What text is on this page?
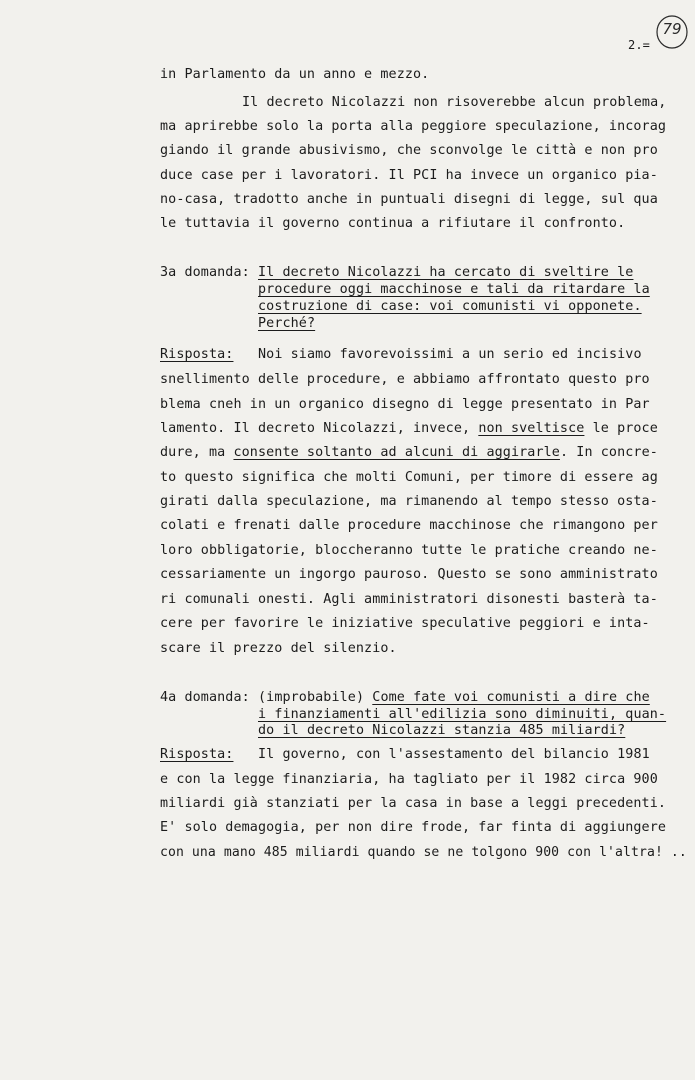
2.=
79
in Parlamento da un anno e mezzo.
Il decreto Nicolazzi non risoverebbe alcun problema,
ma aprirebbe solo la porta alla peggiore speculazione, incorag
giando il grande abusivismo, che sconvolge le città e non pro
duce case per i lavoratori. Il PCI ha invece un organico pia-
no-casa, tradotto anche in puntuali disegni di legge, sul qua
le tuttavia il governo continua a rifiutare il confronto.
3a domanda: Il decreto Nicolazzi ha cercato di sveltire le
procedure oggi macchinose e tali da ritardare la
costruzione di case: voi comunisti vi opponete.
Perché?
Risposta: Noi siamo favorevoissimi a un serio ed incisivo
snellimento delle procedure, e abbiamo affrontato questo pro
blema cneh in un organico disegno di legge presentato in Par
lamento. Il decreto Nicolazzi, invece, non sveltisce le proce
dure, ma consente soltanto ad alcuni di aggirarle. In concre-
to questo significa che molti Comuni, per timore di essere ag
girati dalla speculazione, ma rimanendo al tempo stesso osta-
colati e frenati dalle procedure macchinose che rimangono per
loro obbligatorie, bloccheranno tutte le pratiche creando ne-
cessariamente un ingorgo pauroso. Questo se sono amministrato
ri comunali onesti. Agli amministratori disonesti basterà ta-
cere per favorire le iniziative speculative peggiori e inta-
scare il prezzo del silenzio.
4a domanda: (improbabile) Come fate voi comunisti a dire che
i finanziamenti all'edilizia sono diminuiti, quan-
do il decreto Nicolazzi stanzia 485 miliardi?
Risposta: Il governo, con l'assestamento del bilancio 1981
e con la legge finanziaria, ha tagliato per il 1982 circa 900
miliardi già stanziati per la casa in base a leggi precedenti.
E' solo demagogia, per non dire frode, far finta di aggiungere
con una mano 485 miliardi quando se ne tolgono 900 con l'altra! ..
